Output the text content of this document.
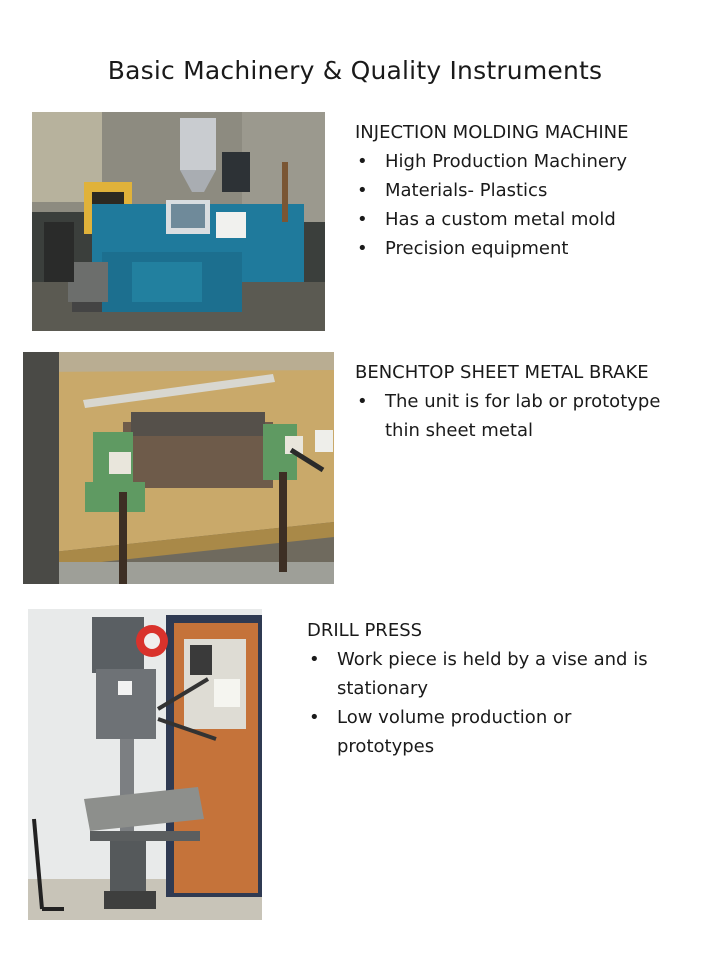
Basic Machinery & Quality Instruments
INJECTION MOLDING MACHINE
• High Production Machinery
• Materials- Plastics
• Has a custom metal mold
• Precision equipment
BENCHTOP SHEET METAL BRAKE
• The unit is for lab or prototype thin sheet metal
DRILL PRESS
• Work piece is held by a vise and is stationary
• Low volume production or prototypes
